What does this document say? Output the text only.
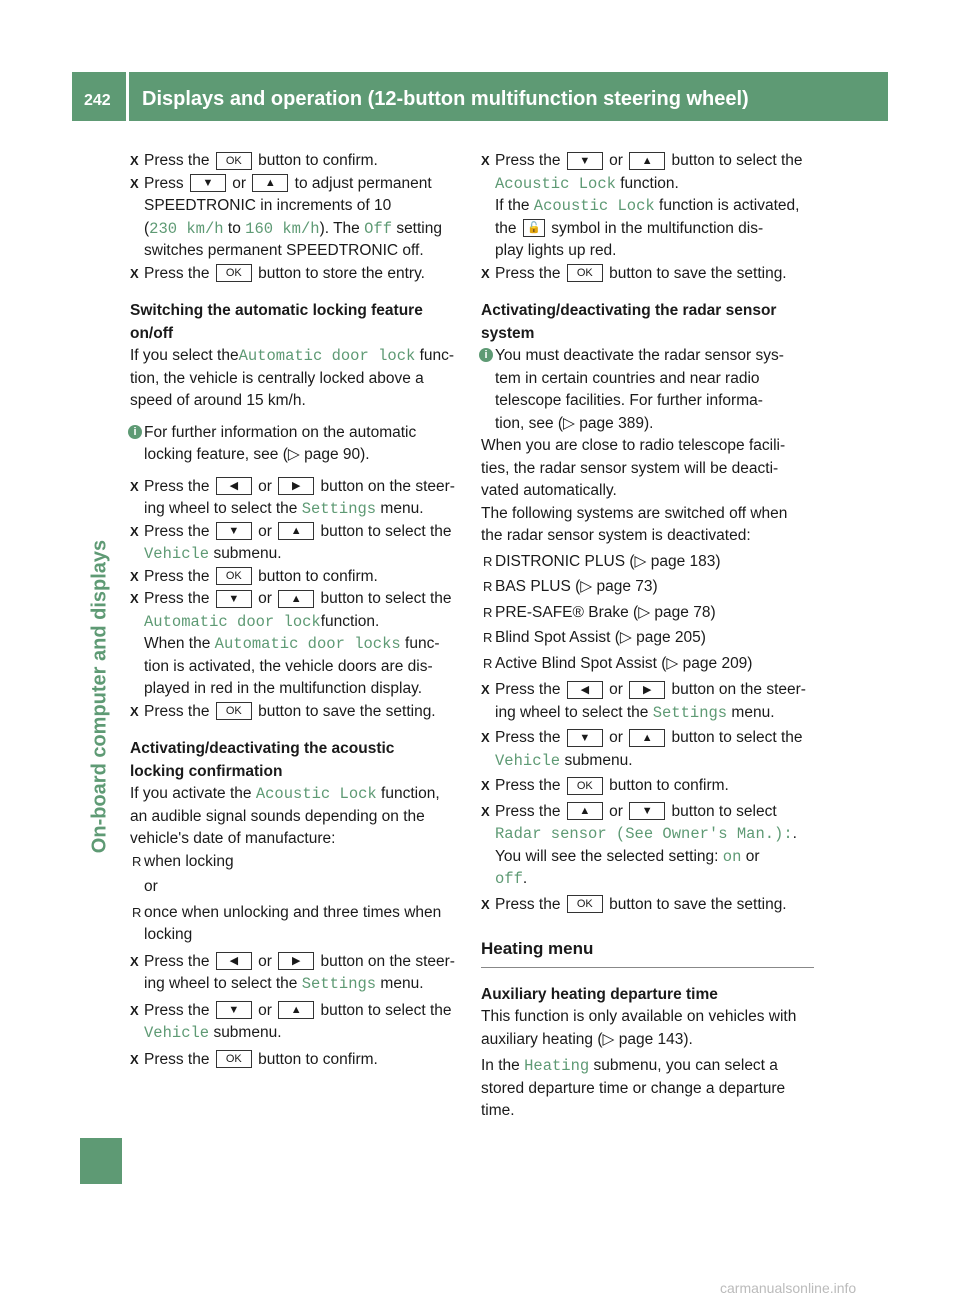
242 Displays and operation (12-button multifunction steering wheel)
On-board computer and displays
X Press the OK button to confirm.
X Press ▼ or ▲ to adjust permanent
SPEEDTRONIC in increments of 10
(230 km/h to 160 km/h). The Off setting
switches permanent SPEEDTRONIC off.
X Press the OK button to store the entry.
Switching the automatic locking feature
on/off
If you select theAutomatic door lock func-
tion, the vehicle is centrally locked above a
speed of around 15 km/h.
i For further information on the automatic
locking feature, see (▷ page 90).
X Press the ◀ or ▶ button on the steer-
ing wheel to select the Settings menu.
X Press the ▼ or ▲ button to select the
Vehicle submenu.
X Press the OK button to confirm.
X Press the ▼ or ▲ button to select the
Automatic door lockfunction.
When the Automatic door locks func-
tion is activated, the vehicle doors are dis-
played in red in the multifunction display.
X Press the OK button to save the setting.
Activating/deactivating the acoustic
locking confirmation
If you activate the Acoustic Lock function,
an audible signal sounds depending on the
vehicle's date of manufacture:
R when locking
or
R once when unlocking and three times when
locking
X Press the ◀ or ▶ button on the steer-
ing wheel to select the Settings menu.
X Press the ▼ or ▲ button to select the
Vehicle submenu.
X Press the OK button to confirm.
X Press the ▼ or ▲ button to select the
Acoustic Lock function.
If the Acoustic Lock function is activated,
the 🔓 symbol in the multifunction dis-
play lights up red.
X Press the OK button to save the setting.
Activating/deactivating the radar sensor
system
i You must deactivate the radar sensor sys-
tem in certain countries and near radio
telescope facilities. For further informa-
tion, see (▷ page 389).
When you are close to radio telescope facili-
ties, the radar sensor system will be deacti-
vated automatically.
The following systems are switched off when
the radar sensor system is deactivated:
R DISTRONIC PLUS (▷ page 183)
R BAS PLUS (▷ page 73)
R PRE-SAFE® Brake (▷ page 78)
R Blind Spot Assist (▷ page 205)
R Active Blind Spot Assist (▷ page 209)
X Press the ◀ or ▶ button on the steer-
ing wheel to select the Settings menu.
X Press the ▼ or ▲ button to select the
Vehicle submenu.
X Press the OK button to confirm.
X Press the ▲ or ▼ button to select
Radar sensor (See Owner's Man.):.
You will see the selected setting: on or
off.
X Press the OK button to save the setting.
Heating menu
Auxiliary heating departure time
This function is only available on vehicles with
auxiliary heating (▷ page 143).
In the Heating submenu, you can select a
stored departure time or change a departure
time.
carmanualsonline.info
